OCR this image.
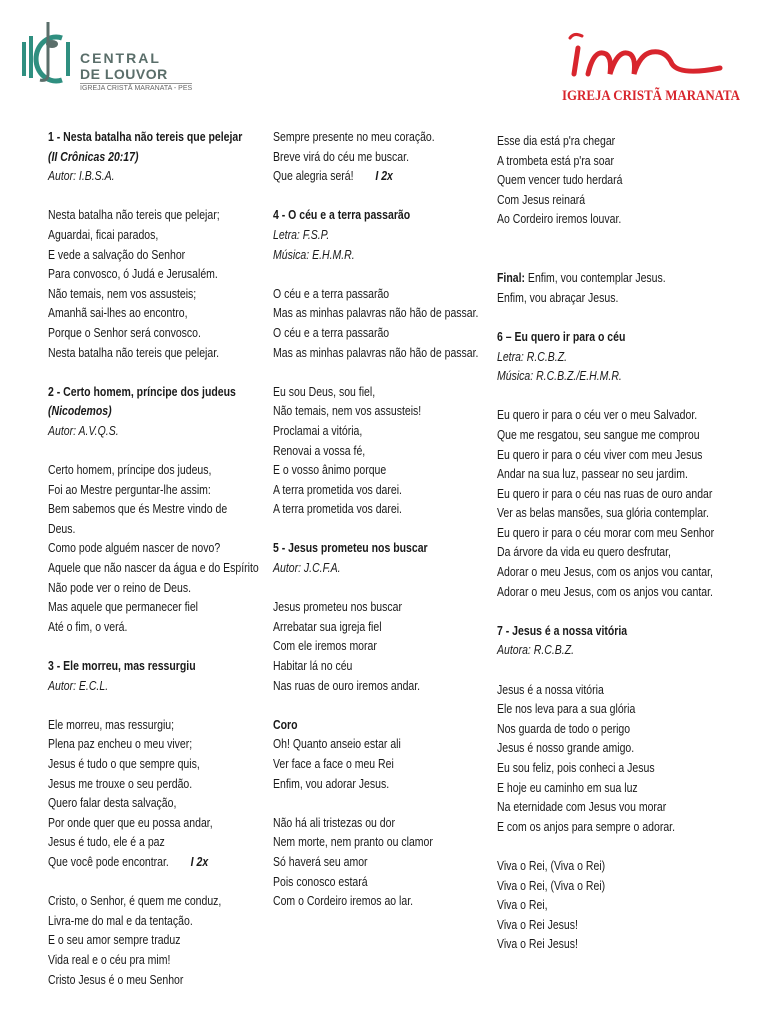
CENTRAL
DE LOUVOR
IGREJA CRISTÃ MARANATA - PES	IGREJA CRISTÃ MARANATA
1 - Nesta batalha não tereis que pelejar
(II Crônicas 20:17)
Autor: I.B.S.A.
Nesta batalha não tereis que pelejar;
Aguardai, ficai parados,
E vede a salvação do Senhor
Para convosco, ó Judá e Jerusalém.
Não temais, nem vos assusteis;
Amanhã sai-lhes ao encontro,
Porque o Senhor será convosco.
Nesta batalha não tereis que pelejar.
2 - Certo homem, príncipe dos judeus
(Nicodemos)
Autor: A.V.Q.S.
Certo homem, príncipe dos judeus,
Foi ao Mestre perguntar-lhe assim:
Bem sabemos que és Mestre vindo de
Deus.
Como pode alguém nascer de novo?
Aquele que não nascer da água e do Espírito
Não pode ver o reino de Deus.
Mas aquele que permanecer fiel
Até o fim, o verá.
3 - Ele morreu, mas ressurgiu
Autor: E.C.L.
Ele morreu, mas ressurgiu;
Plena paz encheu o meu viver;
Jesus é tudo o que sempre quis,
Jesus me trouxe o seu perdão.
Quero falar desta salvação,
Por onde quer que eu possa andar,
Jesus é tudo, ele é a paz
Que você pode encontrar. I 2x
Cristo, o Senhor, é quem me conduz,
Livra-me do mal e da tentação.
E o seu amor sempre traduz
Vida real e o céu pra mim!
Cristo Jesus é o meu Senhor
Sempre presente no meu coração.
Breve virá do céu me buscar.
Que alegria será! I 2x
4 - O céu e a terra passarão
Letra: F.S.P.
Música: E.H.M.R.
O céu e a terra passarão
Mas as minhas palavras não hão de passar.
O céu e a terra passarão
Mas as minhas palavras não hão de passar.
Eu sou Deus, sou fiel,
Não temais, nem vos assusteis!
Proclamai a vitória,
Renovai a vossa fé,
E o vosso ânimo porque
A terra prometida vos darei.
A terra prometida vos darei.
5 - Jesus prometeu nos buscar
Autor: J.C.F.A.
Jesus prometeu nos buscar
Arrebatar sua igreja fiel
Com ele iremos morar
Habitar lá no céu
Nas ruas de ouro iremos andar.
Coro
Oh! Quanto anseio estar ali
Ver face a face o meu Rei
Enfim, vou adorar Jesus.
Não há ali tristezas ou dor
Nem morte, nem pranto ou clamor
Só haverá seu amor
Pois conosco estará
Com o Cordeiro iremos ao lar.
Esse dia está p'ra chegar
A trombeta está p'ra soar
Quem vencer tudo herdará
Com Jesus reinará
Ao Cordeiro iremos louvar.
Final: Enfim, vou contemplar Jesus.
Enfim, vou abraçar Jesus.
6 – Eu quero ir para o céu
Letra: R.C.B.Z.
Música: R.C.B.Z./E.H.M.R.
Eu quero ir para o céu ver o meu Salvador.
Que me resgatou, seu sangue me comprou
Eu quero ir para o céu viver com meu Jesus
Andar na sua luz, passear no seu jardim.
Eu quero ir para o céu nas ruas de ouro andar
Ver as belas mansões, sua glória contemplar.
Eu quero ir para o céu morar com meu Senhor
Da árvore da vida eu quero desfrutar,
Adorar o meu Jesus, com os anjos vou cantar,
Adorar o meu Jesus, com os anjos vou cantar.
7 - Jesus é a nossa vitória
Autora: R.C.B.Z.
Jesus é a nossa vitória
Ele nos leva para a sua glória
Nos guarda de todo o perigo
Jesus é nosso grande amigo.
Eu sou feliz, pois conheci a Jesus
E hoje eu caminho em sua luz
Na eternidade com Jesus vou morar
E com os anjos para sempre o adorar.
Viva o Rei, (Viva o Rei)
Viva o Rei, (Viva o Rei)
Viva o Rei,
Viva o Rei Jesus!
Viva o Rei Jesus!
